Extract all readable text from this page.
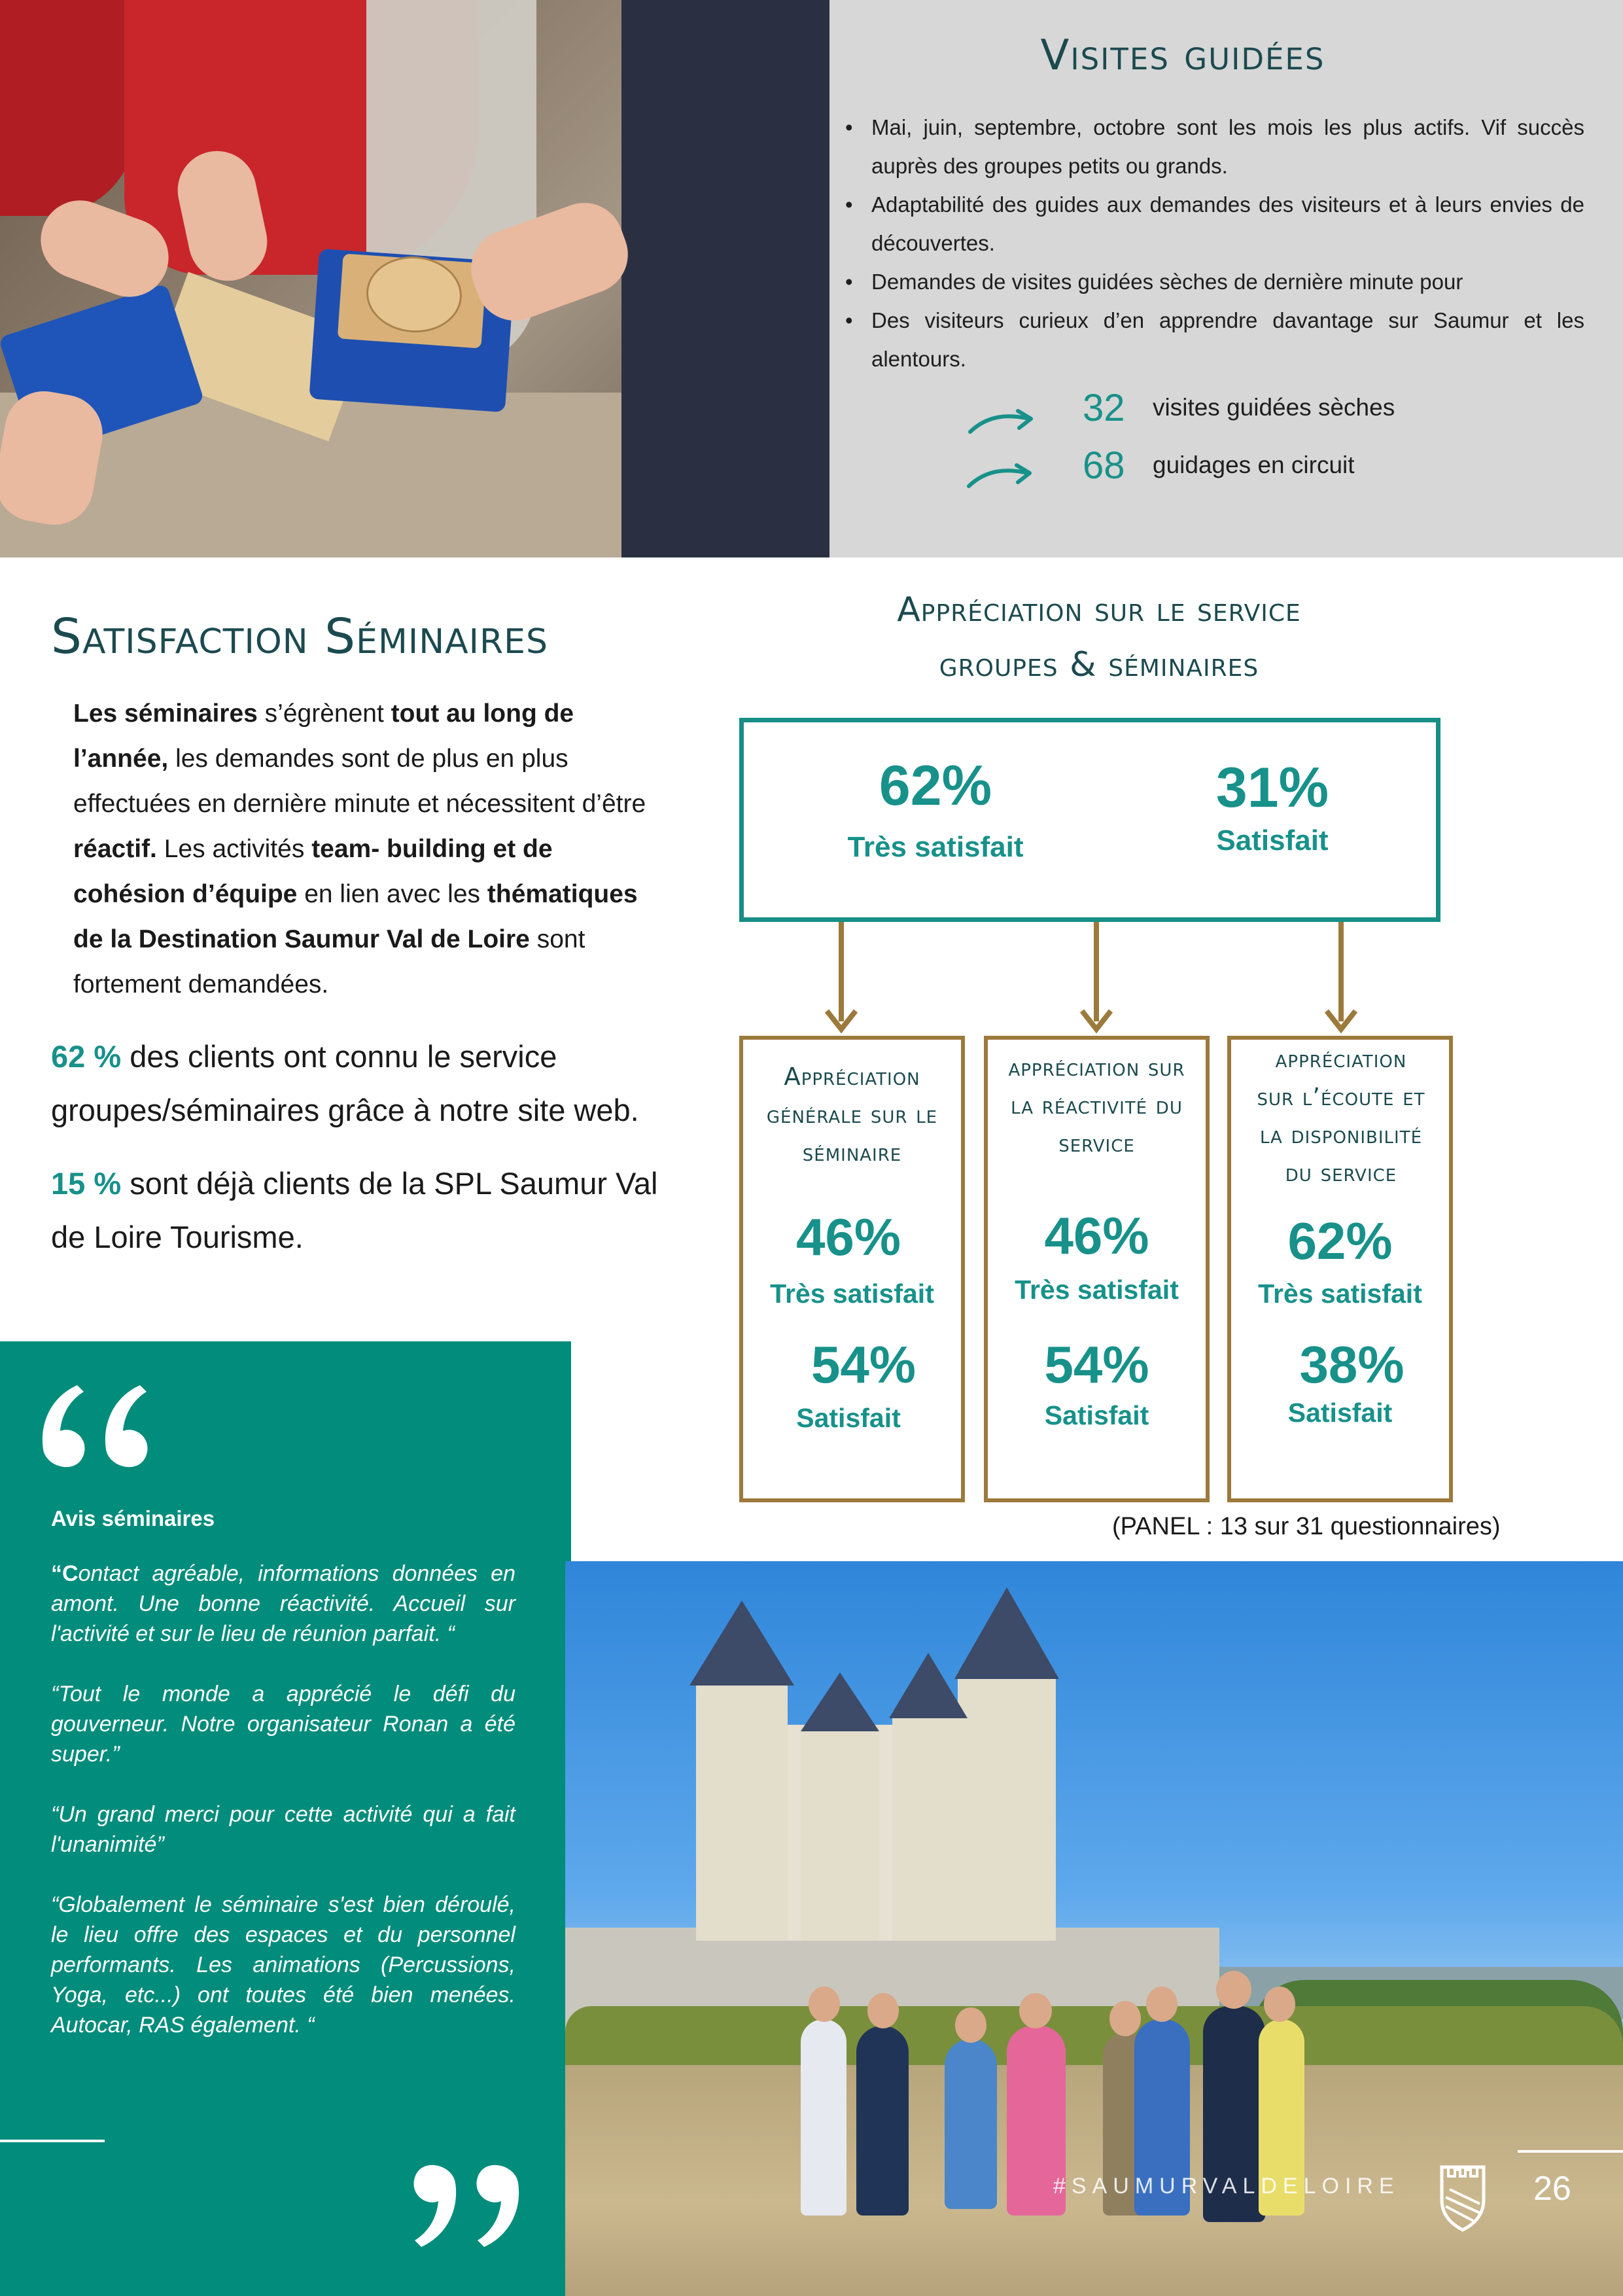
Visites guidées
• Mai, juin, septembre, octobre sont les mois les plus actifs. Vif succès auprès des groupes petits ou grands.
• Adaptabilité des guides aux demandes des visiteurs et à leurs envies de découvertes.
• Demandes de visites guidées sèches de dernière minute pour
• Des visiteurs curieux d’en apprendre davantage sur Saumur et les alentours.
32 visites guidées sèches
68 guidages en circuit
Satisfaction Séminaires
Les séminaires s’égrènent tout au long de l’année, les demandes sont de plus en plus effectuées en dernière minute et nécessitent d’être réactif. Les activités team- building et de cohésion d’équipe en lien avec les thématiques de la Destination Saumur Val de Loire sont fortement demandées.
62 % des clients ont connu le service groupes/séminaires grâce à notre site web.
15 % sont déjà clients de la SPL Saumur Val de Loire Tourisme.
Appréciation sur le service
groupes & séminaires
62%
Très satisfait
31%
Satisfait
Appréciation
générale sur le
séminaire
46%
Très satisfait
54%
Satisfait
appréciation sur
la réactivité du
service
46%
Très satisfait
54%
Satisfait
appréciation
sur l’écoute et
la disponibilité
du service
62%
Très satisfait
38%
Satisfait
(PANEL : 13 sur 31 questionnaires)
Avis séminaires
“Contact agréable, informations données en amont. Une bonne réactivité. Accueil sur l'activité et sur le lieu de réunion parfait. “
“Tout le monde a apprécié le défi du gouverneur. Notre organisateur Ronan a été super.”
“Un grand merci pour cette activité qui a fait l'unanimité”
“Globalement le séminaire s'est bien déroulé, le lieu offre des espaces et du personnel performants. Les animations (Percussions, Yoga, etc...) ont toutes été bien menées. Autocar, RAS également. “
#SAUMURVALDELOIRE	26
